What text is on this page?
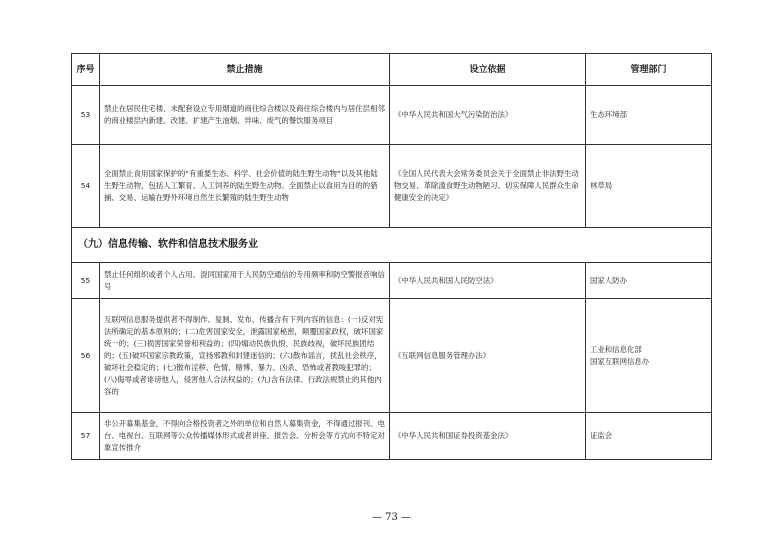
序号	禁止措施	设立依据	管理部门
53	禁止在居民住宅楼、未配套设立专用烟道的商住综合楼以及商住综合楼内与居住层相邻的商业楼层内新建、改建、扩建产生油烟、异味、废气的餐饮服务项目	《中华人民共和国大气污染防治法》	生态环境部
54	全面禁止食用国家保护的“有重要生态、科学、社会价值的陆生野生动物”以及其他陆生野生动物，包括人工繁育、人工饲养的陆生野生动物。全面禁止以食用为目的的猎捕、交易、运输在野外环境自然生长繁殖的陆生野生动物	《全国人民代表大会常务委员会关于全面禁止非法野生动物交易、革除滥食野生动物陋习、切实保障人民群众生命健康安全的决定》	林草局
（九）信息传输、软件和信息技术服务业			
55	禁止任何组织或者个人占用、混同国家用于人民防空通信的专用频率和防空警报音响信号	《中华人民共和国人民防空法》	国家人防办
56	互联网信息服务提供者不得制作、复制、发布、传播含有下列内容的信息：(一)反对宪法所确定的基本原则的；(二)危害国家安全，泄露国家秘密，颠覆国家政权，破坏国家统一的；(三)损害国家荣誉和利益的；(四)煽动民族仇恨、民族歧视，破坏民族团结的；(五)破坏国家宗教政策，宣扬邪教和封建迷信的；(六)散布谣言，扰乱社会秩序，破坏社会稳定的；(七)散布淫秽、色情、赌博、暴力、凶杀、恐怖或者教唆犯罪的；(八)侮辱或者诽谤他人，侵害他人合法权益的；(九)含有法律、行政法规禁止的其他内容的	《互联网信息服务管理办法》	工业和信息化部
国家互联网信息办

57	非公开募集基金，不得向合格投资者之外的单位和自然人募集资金，不得通过报刊、电台、电视台、互联网等公众传播媒体形式或者讲座、报告会、分析会等方式向不特定对象宣传推介	《中华人民共和国证券投资基金法》	证监会
— 73 —
